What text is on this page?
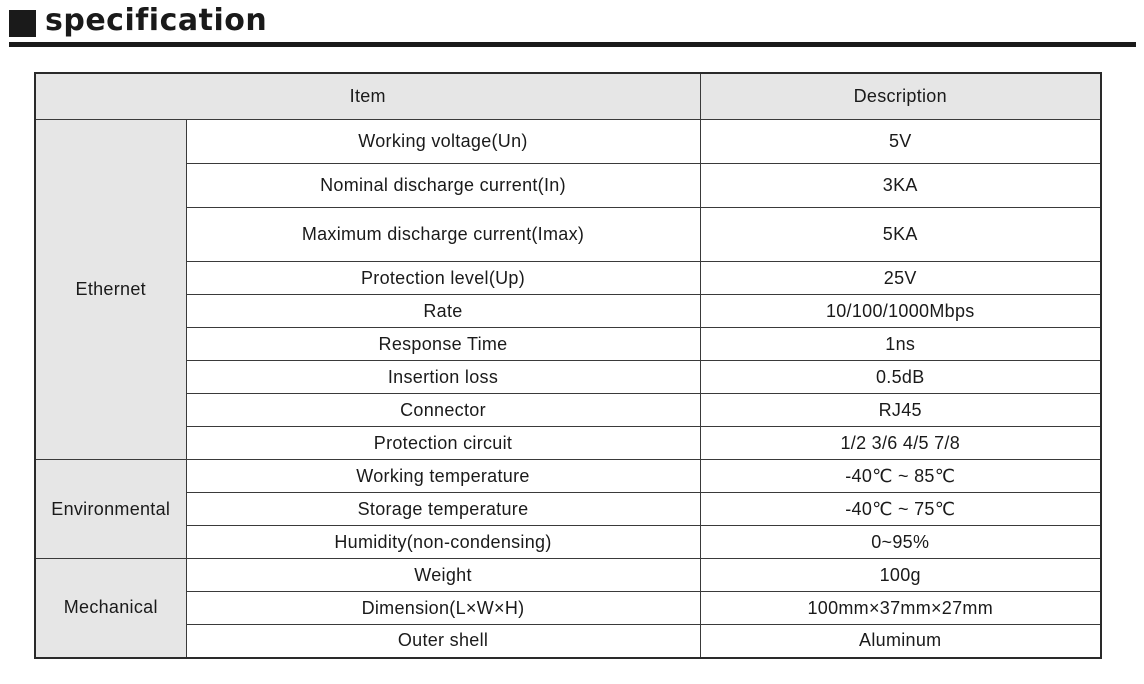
specification
Item		Description
Ethernet	Working voltage(Un)	5V
	Nominal discharge current(In)	3KA
	Maximum discharge current(Imax)	5KA
	Protection level(Up)	25V
	Rate	10/100/1000Mbps
	Response Time	1ns
	Insertion loss	0.5dB
	Connector	RJ45
	Protection circuit	1/2 3/6 4/5 7/8
Environmental	Working temperature	-40℃ ~ 85℃
	Storage temperature	-40℃ ~ 75℃
	Humidity(non-condensing)	0~95%
Mechanical	Weight	100g
	Dimension(L×W×H)	100mm×37mm×27mm
	Outer shell	Aluminum
